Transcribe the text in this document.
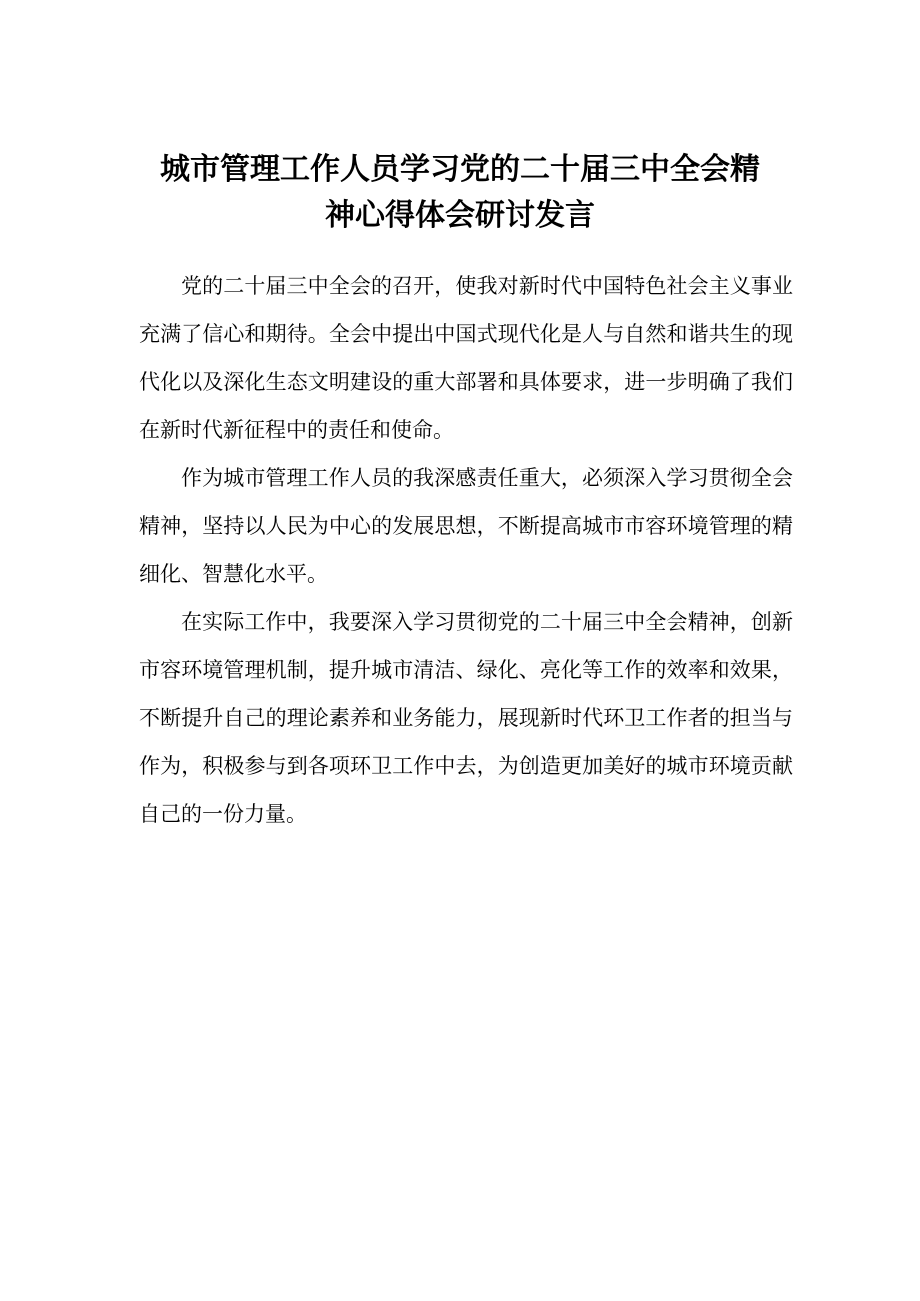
城市管理工作人员学习党的二十届三中全会精
神心得体会研讨发言

党的二十届三中全会的召开，使我对新时代中国特色社会主义事业充满了信心和期待。全会中提出中国式现代化是人与自然和谐共生的现代化以及深化生态文明建设的重大部署和具体要求，进一步明确了我们在新时代新征程中的责任和使命。

作为城市管理工作人员的我深感责任重大，必须深入学习贯彻全会精神，坚持以人民为中心的发展思想，不断提高城市市容环境管理的精细化、智慧化水平。

在实际工作中，我要深入学习贯彻党的二十届三中全会精神，创新市容环境管理机制，提升城市清洁、绿化、亮化等工作的效率和效果，不断提升自己的理论素养和业务能力，展现新时代环卫工作者的担当与作为，积极参与到各项环卫工作中去，为创造更加美好的城市环境贡献自己的一份力量。
